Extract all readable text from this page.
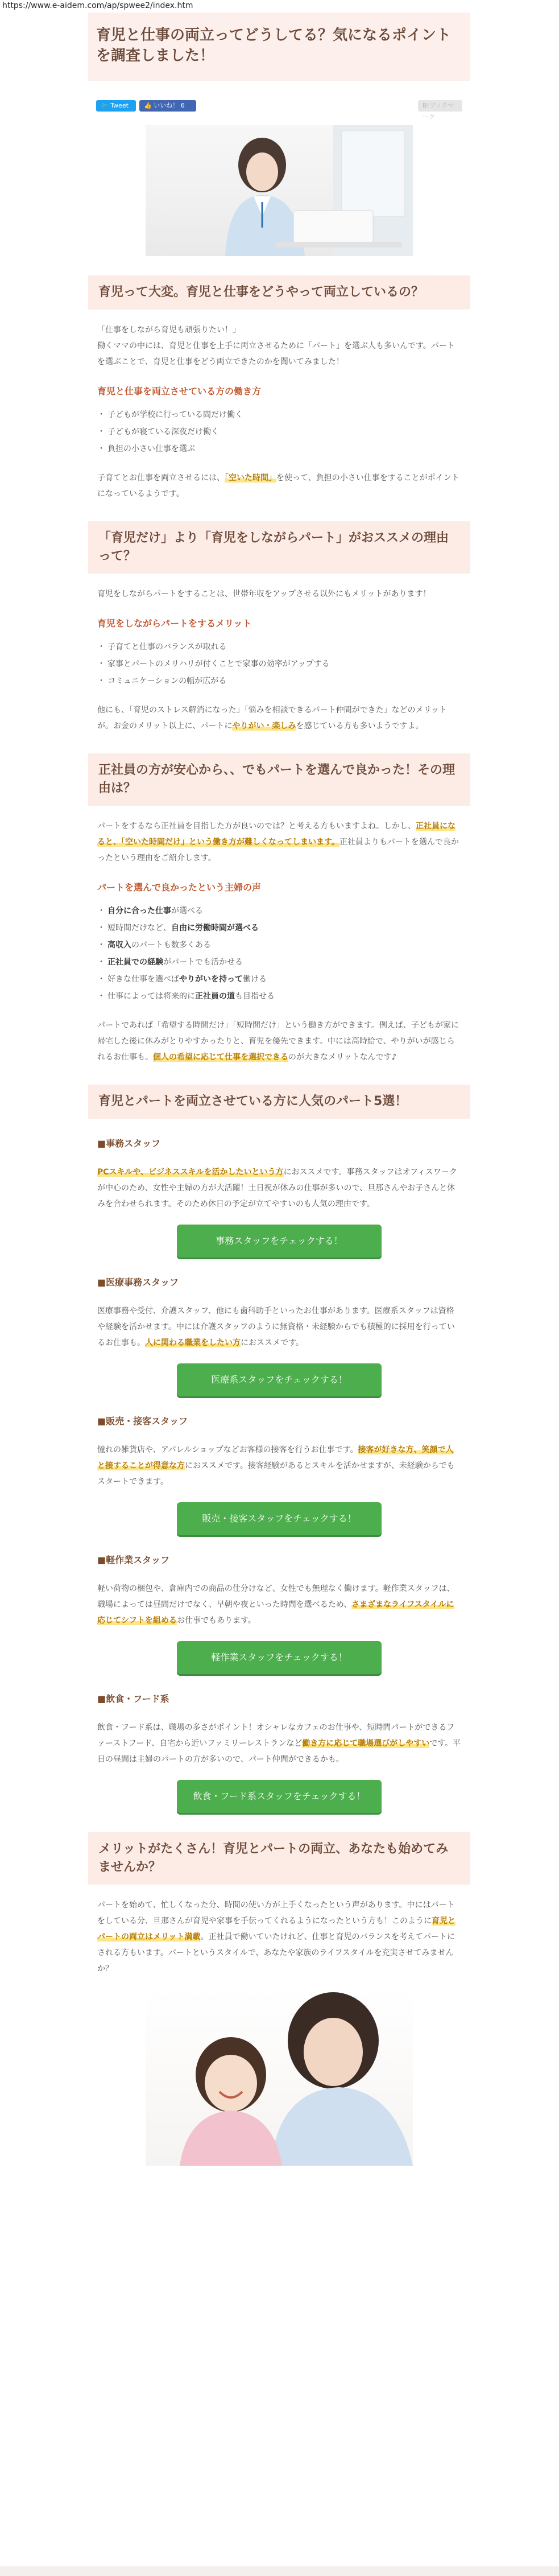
https://www.e-aidem.com/ap/spwee2/index.htm
育児と仕事の両立ってどうしてる？気になるポイントを調査しました！
🐦 Tweet	👍 いいね！ 6	B!ブックマーク
育児って大変。育児と仕事をどうやって両立しているの？

「仕事をしながら育児も頑張りたい！」
働くママの中には、育児と仕事を上手に両立させるために「パート」を選ぶ人も多いんです。パートを選ぶことで、育児と仕事をどう両立できたのかを聞いてみました！

育児と仕事を両立させている方の働き方
・ 子どもが学校に行っている間だけ働く
・ 子どもが寝ている深夜だけ働く
・ 負担の小さい仕事を選ぶ

子育てとお仕事を両立させるには、「空いた時間」を使って、負担の小さい仕事をすることがポイントになっているようです。

「育児だけ」より「育児をしながらパート」がおススメの理由って？

育児をしながらパートをすることは、世帯年収をアップさせる以外にもメリットがあります！

育児をしながらパートをするメリット
・ 子育てと仕事のバランスが取れる
・ 家事とパートのメリハリが付くことで家事の効率がアップする
・ コミュニケーションの幅が広がる

他にも、「育児のストレス解消になった」「悩みを相談できるパート仲間ができた」などのメリットが。お金のメリット以上に、パートにやりがい・楽しみを感じている方も多いようですよ。

正社員の方が安心から、、でもパートを選んで良かった！その理由は？

パートをするなら正社員を目指した方が良いのでは？と考える方もいますよね。しかし、正社員になると、「空いた時間だけ」という働き方が難しくなってしまいます。正社員よりもパートを選んで良かったという理由をご紹介します。

パートを選んで良かったという主婦の声
・ 自分に合った仕事が選べる
・ 短時間だけなど、自由に労働時間が選べる
・ 高収入のパートも数多くある
・ 正社員での経験がパートでも活かせる
・ 好きな仕事を選べばやりがいを持って働ける
・ 仕事によっては将来的に正社員の道も目指せる

パートであれば「希望する時間だけ」「短時間だけ」という働き方ができます。例えば、子どもが家に帰宅した後に休みがとりやすかったりと、育児を優先できます。中には高時給で、やりがいが感じられるお仕事も。個人の希望に応じて仕事を選択できるのが大きなメリットなんです♪

育児とパートを両立させている方に人気のパート5選！
■事務スタッフ

PCスキルや、ビジネススキルを活かしたいという方におススメです。事務スタッフはオフィスワークが中心のため、女性や主婦の方が大活躍！土日祝が休みの仕事が多いので、旦那さんやお子さんと休みを合わせられます。そのため休日の予定が立てやすいのも人気の理由です。

事務スタッフをチェックする！
■医療事務スタッフ

医療事務や受付、介護スタッフ、他にも歯科助手といったお仕事があります。医療系スタッフは資格や経験を活かせます。中には介護スタッフのように無資格・未経験からでも積極的に採用を行っているお仕事も。人に関わる職業をしたい方におススメです。

医療系スタッフをチェックする！
■販売・接客スタッフ

憧れの雑貨店や、アパレルショップなどお客様の接客を行うお仕事です。接客が好きな方、笑顔で人と接することが得意な方におススメです。接客経験があるとスキルを活かせますが、未経験からでもスタートできます。

販売・接客スタッフをチェックする！
■軽作業スタッフ

軽い荷物の梱包や、倉庫内での商品の仕分けなど、女性でも無理なく働けます。軽作業スタッフは、職場によっては昼間だけでなく、早朝や夜といった時間を選べるため、さまざまなライフスタイルに応じてシフトを組めるお仕事でもあります。

軽作業スタッフをチェックする！
■飲食・フード系

飲食・フード系は、職場の多さがポイント！オシャレなカフェのお仕事や、短時間パートができるファーストフード、自宅から近いファミリーレストランなど働き方に応じて職場選びがしやすいです。平日の昼間は主婦のパートの方が多いので、パート仲間ができるかも。

飲食・フード系スタッフをチェックする！
メリットがたくさん！育児とパートの両立、あなたも始めてみませんか？

パートを始めて、忙しくなった分、時間の使い方が上手くなったという声があります。中にはパートをしている分、旦那さんが育児や家事を手伝ってくれるようになったという方も！このように育児とパートの両立はメリット満載。正社員で働いていたけれど、仕事と育児のバランスを考えてパートにされる方もいます。パートというスタイルで、あなたや家族のライフスタイルを充実させてみませんか？
